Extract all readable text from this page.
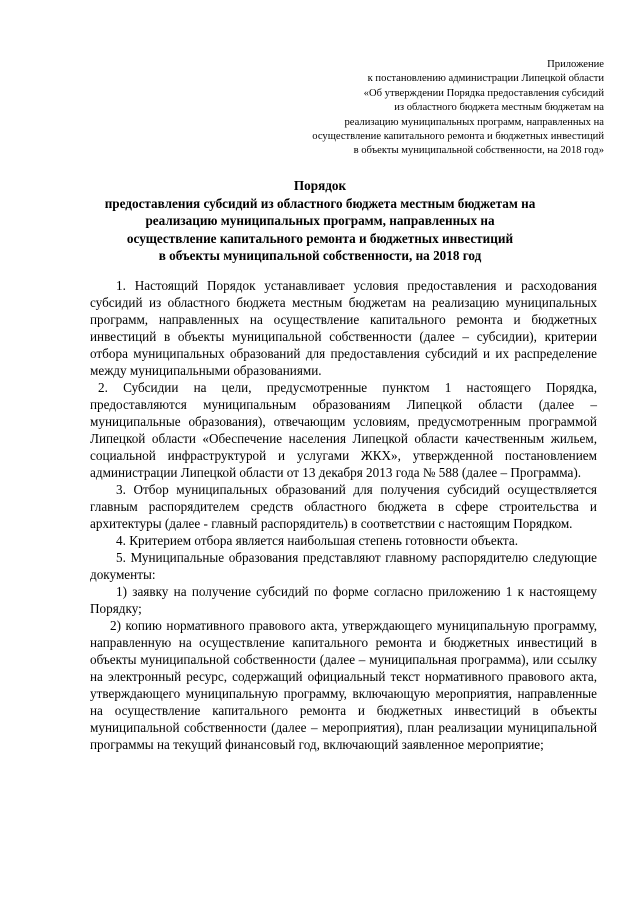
Приложение
к постановлению администрации Липецкой области
«Об утверждении Порядка предоставления субсидий
из областного бюджета местным бюджетам на
реализацию муниципальных программ, направленных на
осуществление капитального ремонта и бюджетных инвестиций
в объекты муниципальной собственности, на 2018 год»
Порядок
предоставления субсидий из областного бюджета местным бюджетам на
реализацию муниципальных программ, направленных на
осуществление капитального ремонта и бюджетных инвестиций
в объекты муниципальной собственности, на 2018 год

1. Настоящий Порядок устанавливает условия предоставления и расходования субсидий из областного бюджета местным бюджетам на реализацию муниципальных программ, направленных на осуществление капитального ремонта и бюджетных инвестиций в объекты муниципальной собственности (далее – субсидии), критерии отбора муниципальных образований для предоставления субсидий и их распределение между муниципальными образованиями.

2. Субсидии на цели, предусмотренные пунктом 1 настоящего Порядка, предоставляются муниципальным образованиям Липецкой области (далее – муниципальные образования), отвечающим условиям, предусмотренным программой Липецкой области «Обеспечение населения Липецкой области качественным жильем, социальной инфраструктурой и услугами ЖКХ», утвержденной постановлением администрации Липецкой области от 13 декабря 2013 года № 588 (далее – Программа).

3. Отбор муниципальных образований для получения субсидий осуществляется главным распорядителем средств областного бюджета в сфере строительства и архитектуры (далее - главный распорядитель) в соответствии с настоящим Порядком.

4. Критерием отбора является наибольшая степень готовности объекта.

5. Муниципальные образования представляют главному распорядителю следующие документы:

1) заявку на получение субсидий по форме согласно приложению 1 к настоящему Порядку;

2) копию нормативного правового акта, утверждающего муниципальную программу, направленную на осуществление капитального ремонта и бюджетных инвестиций в объекты муниципальной собственности (далее – муниципальная программа), или ссылку на электронный ресурс, содержащий официальный текст нормативного правового акта, утверждающего муниципальную программу, включающую мероприятия, направленные на осуществление капитального ремонта и бюджетных инвестиций в объекты муниципальной собственности (далее – мероприятия), план реализации муниципальной программы на текущий финансовый год, включающий заявленное мероприятие;
